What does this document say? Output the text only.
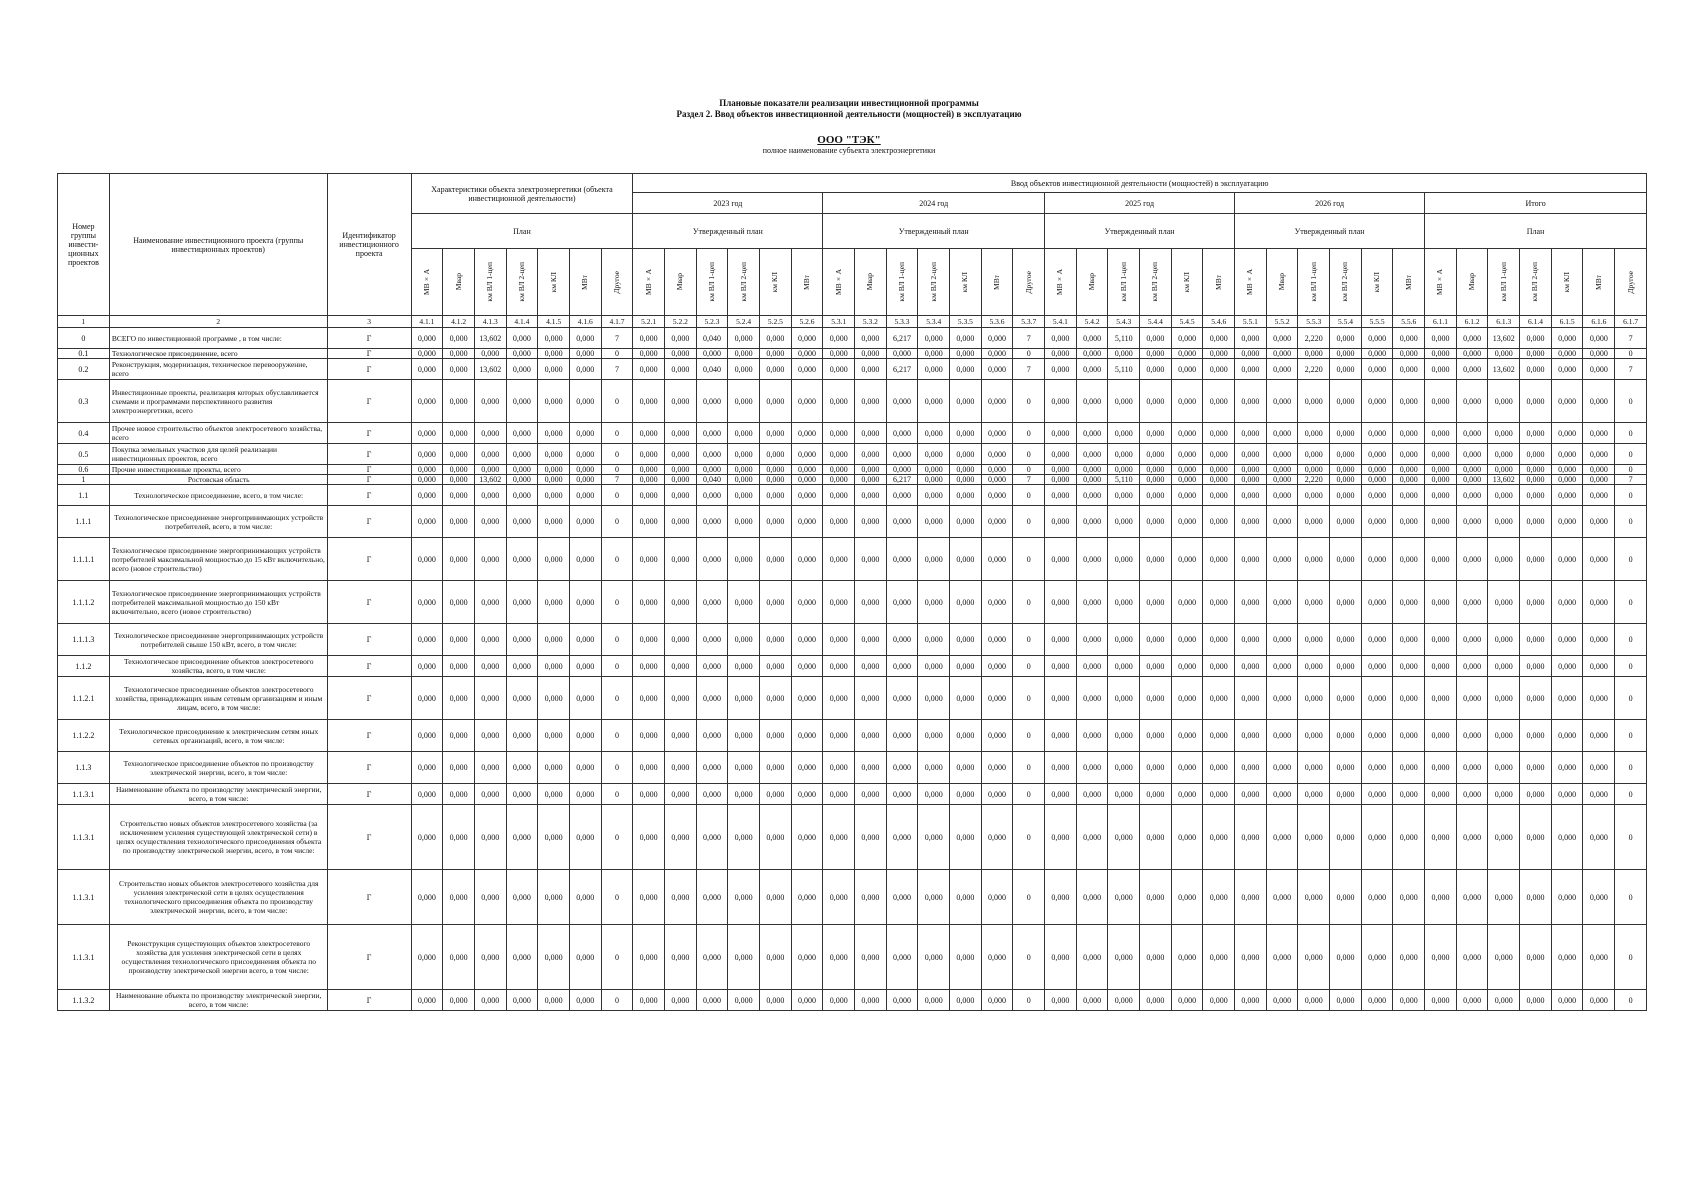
Плановые показатели реализации инвестиционной программы
Раздел 2. Ввод объектов инвестиционной деятельности (мощностей) в эксплуатацию
ООО "ТЭК"
полное наименование субъекта электроэнергетики
Номер группы инвести-ционных проектов	Наименование инвестиционного проекта (группы инвестиционных проектов)	Идентификатор инвестиционного проекта	Характеристики объекта электроэнергетики (объекта инвестиционной деятельности)							Ввод объектов инвестиционной деятельности (мощностей) в эксплуатацию																															
										2023 год						2024 год							2025 год						2026 год						Итого						
			План							Утвержденный план						Утвержденный план							Утвержденный план						Утвержденный план						План						

			МВ×А	Мвар	км ВЛ 1-цеп	км ВЛ 2-цеп	км КЛ	МВт	Другое	МВ×А	Мвар	км ВЛ 1-цеп	км ВЛ 2-цеп	км КЛ	МВт	МВ×А	Мвар	км ВЛ 1-цеп	км ВЛ 2-цеп	км КЛ	МВт	Другое	МВ×А	Мвар	км ВЛ 1-цеп	км ВЛ 2-цеп	км КЛ	МВт	МВ×А	Мвар	км ВЛ 1-цеп	км ВЛ 2-цеп	км КЛ	МВт	МВ×А	Мвар	км ВЛ 1-цеп	км ВЛ 2-цеп	км КЛ	МВт	Другое

1	2	3	4.1.1	4.1.2	4.1.3	4.1.4	4.1.5	4.1.6	4.1.7	5.2.1	5.2.2	5.2.3	5.2.4	5.2.5	5.2.6	5.3.1	5.3.2	5.3.3	5.3.4	5.3.5	5.3.6	5.3.7	5.4.1	5.4.2	5.4.3	5.4.4	5.4.5	5.4.6	5.5.1	5.5.2	5.5.3	5.5.4	5.5.5	5.5.6	6.1.1	6.1.2	6.1.3	6.1.4	6.1.5	6.1.6	6.1.7
0	ВСЕГО по инвестиционной программе , в том числе:	Г	0,000	0,000	13,602	0,000	0,000	0,000	7	0,000	0,000	0,040	0,000	0,000	0,000	0,000	0,000	6,217	0,000	0,000	0,000	7	0,000	0,000	5,110	0,000	0,000	0,000	0,000	0,000	2,220	0,000	0,000	0,000	0,000	0,000	13,602	0,000	0,000	0,000	7
0.1	Технологическое присоединение, всего	Г	0,000	0,000	0,000	0,000	0,000	0,000	0	0,000	0,000	0,000	0,000	0,000	0,000	0,000	0,000	0,000	0,000	0,000	0,000	0	0,000	0,000	0,000	0,000	0,000	0,000	0,000	0,000	0,000	0,000	0,000	0,000	0,000	0,000	0,000	0,000	0,000	0,000	0
0.2	Реконструкция, модернизация, техническое перевооружение, всего	Г	0,000	0,000	13,602	0,000	0,000	0,000	7	0,000	0,000	0,040	0,000	0,000	0,000	0,000	0,000	6,217	0,000	0,000	0,000	7	0,000	0,000	5,110	0,000	0,000	0,000	0,000	0,000	2,220	0,000	0,000	0,000	0,000	0,000	13,602	0,000	0,000	0,000	7
0.3	Инвестиционные проекты, реализация которых обуславливается схемами и программами перспективного развития электроэнергетики, всего	Г	0,000	0,000	0,000	0,000	0,000	0,000	0	0,000	0,000	0,000	0,000	0,000	0,000	0,000	0,000	0,000	0,000	0,000	0,000	0	0,000	0,000	0,000	0,000	0,000	0,000	0,000	0,000	0,000	0,000	0,000	0,000	0,000	0,000	0,000	0,000	0,000	0,000	0
0.4	Прочее новое строительство объектов электросетевого хозяйства, всего	Г	0,000	0,000	0,000	0,000	0,000	0,000	0	0,000	0,000	0,000	0,000	0,000	0,000	0,000	0,000	0,000	0,000	0,000	0,000	0	0,000	0,000	0,000	0,000	0,000	0,000	0,000	0,000	0,000	0,000	0,000	0,000	0,000	0,000	0,000	0,000	0,000	0,000	0
0.5	Покупка земельных участков для целей реализации инвестиционных проектов, всего	Г	0,000	0,000	0,000	0,000	0,000	0,000	0	0,000	0,000	0,000	0,000	0,000	0,000	0,000	0,000	0,000	0,000	0,000	0,000	0	0,000	0,000	0,000	0,000	0,000	0,000	0,000	0,000	0,000	0,000	0,000	0,000	0,000	0,000	0,000	0,000	0,000	0,000	0
0.6	Прочие инвестиционные проекты, всего	Г	0,000	0,000	0,000	0,000	0,000	0,000	0	0,000	0,000	0,000	0,000	0,000	0,000	0,000	0,000	0,000	0,000	0,000	0,000	0	0,000	0,000	0,000	0,000	0,000	0,000	0,000	0,000	0,000	0,000	0,000	0,000	0,000	0,000	0,000	0,000	0,000	0,000	0
1	Ростовская область	Г	0,000	0,000	13,602	0,000	0,000	0,000	7	0,000	0,000	0,040	0,000	0,000	0,000	0,000	0,000	6,217	0,000	0,000	0,000	7	0,000	0,000	5,110	0,000	0,000	0,000	0,000	0,000	2,220	0,000	0,000	0,000	0,000	0,000	13,602	0,000	0,000	0,000	7
1.1	Технологическое присоединение, всего, в том числе:	Г	0,000	0,000	0,000	0,000	0,000	0,000	0	0,000	0,000	0,000	0,000	0,000	0,000	0,000	0,000	0,000	0,000	0,000	0,000	0	0,000	0,000	0,000	0,000	0,000	0,000	0,000	0,000	0,000	0,000	0,000	0,000	0,000	0,000	0,000	0,000	0,000	0,000	0
1.1.1	Технологическое присоединение энергопринимающих устройств потребителей, всего, в том числе:	Г	0,000	0,000	0,000	0,000	0,000	0,000	0	0,000	0,000	0,000	0,000	0,000	0,000	0,000	0,000	0,000	0,000	0,000	0,000	0	0,000	0,000	0,000	0,000	0,000	0,000	0,000	0,000	0,000	0,000	0,000	0,000	0,000	0,000	0,000	0,000	0,000	0,000	0
1.1.1.1	Технологическое присоединение энергопринимающих устройств потребителей максимальной мощностью до 15 кВт включительно, всего (новое строительство)	Г	0,000	0,000	0,000	0,000	0,000	0,000	0	0,000	0,000	0,000	0,000	0,000	0,000	0,000	0,000	0,000	0,000	0,000	0,000	0	0,000	0,000	0,000	0,000	0,000	0,000	0,000	0,000	0,000	0,000	0,000	0,000	0,000	0,000	0,000	0,000	0,000	0,000	0
1.1.1.2	Технологическое присоединение энергопринимающих устройств потребителей максимальной мощностью до 150 кВт включительно, всего (новое строительство)	Г	0,000	0,000	0,000	0,000	0,000	0,000	0	0,000	0,000	0,000	0,000	0,000	0,000	0,000	0,000	0,000	0,000	0,000	0,000	0	0,000	0,000	0,000	0,000	0,000	0,000	0,000	0,000	0,000	0,000	0,000	0,000	0,000	0,000	0,000	0,000	0,000	0,000	0
1.1.1.3	Технологическое присоединение энергопринимающих устройств потребителей свыше 150 кВт, всего, в том числе:	Г	0,000	0,000	0,000	0,000	0,000	0,000	0	0,000	0,000	0,000	0,000	0,000	0,000	0,000	0,000	0,000	0,000	0,000	0,000	0	0,000	0,000	0,000	0,000	0,000	0,000	0,000	0,000	0,000	0,000	0,000	0,000	0,000	0,000	0,000	0,000	0,000	0,000	0
1.1.2	Технологическое присоединение объектов электросетевого хозяйства, всего, в том числе:	Г	0,000	0,000	0,000	0,000	0,000	0,000	0	0,000	0,000	0,000	0,000	0,000	0,000	0,000	0,000	0,000	0,000	0,000	0,000	0	0,000	0,000	0,000	0,000	0,000	0,000	0,000	0,000	0,000	0,000	0,000	0,000	0,000	0,000	0,000	0,000	0,000	0,000	0
1.1.2.1	Технологическое присоединение объектов электросетевого хозяйства, принадлежащих иным сетевым организациям и иным лицам, всего, в том числе:	Г	0,000	0,000	0,000	0,000	0,000	0,000	0	0,000	0,000	0,000	0,000	0,000	0,000	0,000	0,000	0,000	0,000	0,000	0,000	0	0,000	0,000	0,000	0,000	0,000	0,000	0,000	0,000	0,000	0,000	0,000	0,000	0,000	0,000	0,000	0,000	0,000	0,000	0
1.1.2.2	Технологическое присоединение к электрическим сетям иных сетевых организаций, всего, в том числе:	Г	0,000	0,000	0,000	0,000	0,000	0,000	0	0,000	0,000	0,000	0,000	0,000	0,000	0,000	0,000	0,000	0,000	0,000	0,000	0	0,000	0,000	0,000	0,000	0,000	0,000	0,000	0,000	0,000	0,000	0,000	0,000	0,000	0,000	0,000	0,000	0,000	0,000	0
1.1.3	Технологическое присоединение объектов по производству электрической энергии, всего, в том числе:	Г	0,000	0,000	0,000	0,000	0,000	0,000	0	0,000	0,000	0,000	0,000	0,000	0,000	0,000	0,000	0,000	0,000	0,000	0,000	0	0,000	0,000	0,000	0,000	0,000	0,000	0,000	0,000	0,000	0,000	0,000	0,000	0,000	0,000	0,000	0,000	0,000	0,000	0
1.1.3.1	Наименование объекта по производству электрической энергии, всего, в том числе:	Г	0,000	0,000	0,000	0,000	0,000	0,000	0	0,000	0,000	0,000	0,000	0,000	0,000	0,000	0,000	0,000	0,000	0,000	0,000	0	0,000	0,000	0,000	0,000	0,000	0,000	0,000	0,000	0,000	0,000	0,000	0,000	0,000	0,000	0,000	0,000	0,000	0,000	0
1.1.3.1	Строительство новых объектов электросетевого хозяйства (за исключением усиления существующей электрической сети) в целях осуществления технологического присоединения объекта по производству электрической энергии, всего, в том числе:	Г	0,000	0,000	0,000	0,000	0,000	0,000	0	0,000	0,000	0,000	0,000	0,000	0,000	0,000	0,000	0,000	0,000	0,000	0,000	0	0,000	0,000	0,000	0,000	0,000	0,000	0,000	0,000	0,000	0,000	0,000	0,000	0,000	0,000	0,000	0,000	0,000	0,000	0
1.1.3.1	Строительство новых объектов электросетевого хозяйства для усиления электрической сети в целях осуществления технологического присоединения объекта по производству электрической энергии, всего, в том числе:	Г	0,000	0,000	0,000	0,000	0,000	0,000	0	0,000	0,000	0,000	0,000	0,000	0,000	0,000	0,000	0,000	0,000	0,000	0,000	0	0,000	0,000	0,000	0,000	0,000	0,000	0,000	0,000	0,000	0,000	0,000	0,000	0,000	0,000	0,000	0,000	0,000	0,000	0
1.1.3.1	Реконструкция существующих объектов электросетевого хозяйства для усиления электрической сети в целях осуществления технологического присоединения объекта по производству электрической энергии всего, в том числе:	Г	0,000	0,000	0,000	0,000	0,000	0,000	0	0,000	0,000	0,000	0,000	0,000	0,000	0,000	0,000	0,000	0,000	0,000	0,000	0	0,000	0,000	0,000	0,000	0,000	0,000	0,000	0,000	0,000	0,000	0,000	0,000	0,000	0,000	0,000	0,000	0,000	0,000	0
1.1.3.2	Наименование объекта по производству электрической энергии, всего, в том числе:	Г	0,000	0,000	0,000	0,000	0,000	0,000	0	0,000	0,000	0,000	0,000	0,000	0,000	0,000	0,000	0,000	0,000	0,000	0,000	0	0,000	0,000	0,000	0,000	0,000	0,000	0,000	0,000	0,000	0,000	0,000	0,000	0,000	0,000	0,000	0,000	0,000	0,000	0
